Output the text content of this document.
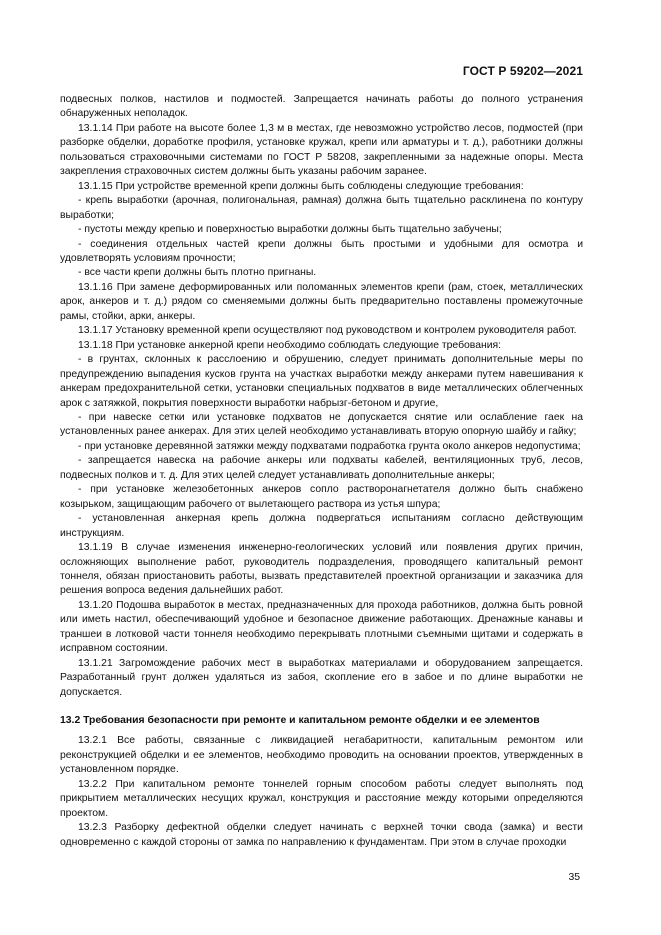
ГОСТ Р 59202—2021

подвесных полков, настилов и подмостей. Запрещается начинать работы до полного устранения обнаруженных неполадок.

13.1.14 При работе на высоте более 1,3 м в местах, где невозможно устройство лесов, подмостей (при разборке обделки, доработке профиля, установке кружал, крепи или арматуры и т. д.), работники должны пользоваться страховочными системами по ГОСТ Р 58208, закрепленными за надежные опоры. Места закрепления страховочных систем должны быть указаны рабочим заранее.

13.1.15 При устройстве временной крепи должны быть соблюдены следующие требования:

- крепь выработки (арочная, полигональная, рамная) должна быть тщательно расклинена по контуру выработки;

- пустоты между крепью и поверхностью выработки должны быть тщательно забучены;

- соединения отдельных частей крепи должны быть простыми и удобными для осмотра и удовлетворять условиям прочности;

- все части крепи должны быть плотно пригнаны.

13.1.16 При замене деформированных или поломанных элементов крепи (рам, стоек, металлических арок, анкеров и т. д.) рядом со сменяемыми должны быть предварительно поставлены промежуточные рамы, стойки, арки, анкеры.

13.1.17 Установку временной крепи осуществляют под руководством и контролем руководителя работ.

13.1.18 При установке анкерной крепи необходимо соблюдать следующие требования:

- в грунтах, склонных к расслоению и обрушению, следует принимать дополнительные меры по предупреждению выпадения кусков грунта на участках выработки между анкерами путем навешивания к анкерам предохранительной сетки, установки специальных подхватов в виде металлических облегченных арок с затяжкой, покрытия поверхности выработки набрызг-бетоном и другие,

- при навеске сетки или установке подхватов не допускается снятие или ослабление гаек на установленных ранее анкерах. Для этих целей необходимо устанавливать вторую опорную шайбу и гайку;

- при установке деревянной затяжки между подхватами подработка грунта около анкеров недопустима;

- запрещается навеска на рабочие анкеры или подхваты кабелей, вентиляционных труб, лесов, подвесных полков и т. д. Для этих целей следует устанавливать дополнительные анкеры;

- при установке железобетонных анкеров сопло растворонагнетателя должно быть снабжено козырьком, защищающим рабочего от вылетающего раствора из устья шпура;

- установленная анкерная крепь должна подвергаться испытаниям согласно действующим инструкциям.

13.1.19 В случае изменения инженерно-геологических условий или появления других причин, осложняющих выполнение работ, руководитель подразделения, проводящего капитальный ремонт тоннеля, обязан приостановить работы, вызвать представителей проектной организации и заказчика для решения вопроса ведения дальнейших работ.

13.1.20 Подошва выработок в местах, предназначенных для прохода работников, должна быть ровной или иметь настил, обеспечивающий удобное и безопасное движение работающих. Дренажные канавы и траншеи в лотковой части тоннеля необходимо перекрывать плотными съемными щитами и содержать в исправном состоянии.

13.1.21 Загромождение рабочих мест в выработках материалами и оборудованием запрещается. Разработанный грунт должен удаляться из забоя, скопление его в забое и по длине выработки не допускается.

13.2 Требования безопасности при ремонте и капитальном ремонте обделки и ее элементов

13.2.1 Все работы, связанные с ликвидацией негабаритности, капитальным ремонтом или реконструкцией обделки и ее элементов, необходимо проводить на основании проектов, утвержденных в установленном порядке.

13.2.2 При капитальном ремонте тоннелей горным способом работы следует выполнять под прикрытием металлических несущих кружал, конструкция и расстояние между которыми определяются проектом.

13.2.3 Разборку дефектной обделки следует начинать с верхней точки свода (замка) и вести одновременно с каждой стороны от замка по направлению к фундаментам. При этом в случае проходки

35
